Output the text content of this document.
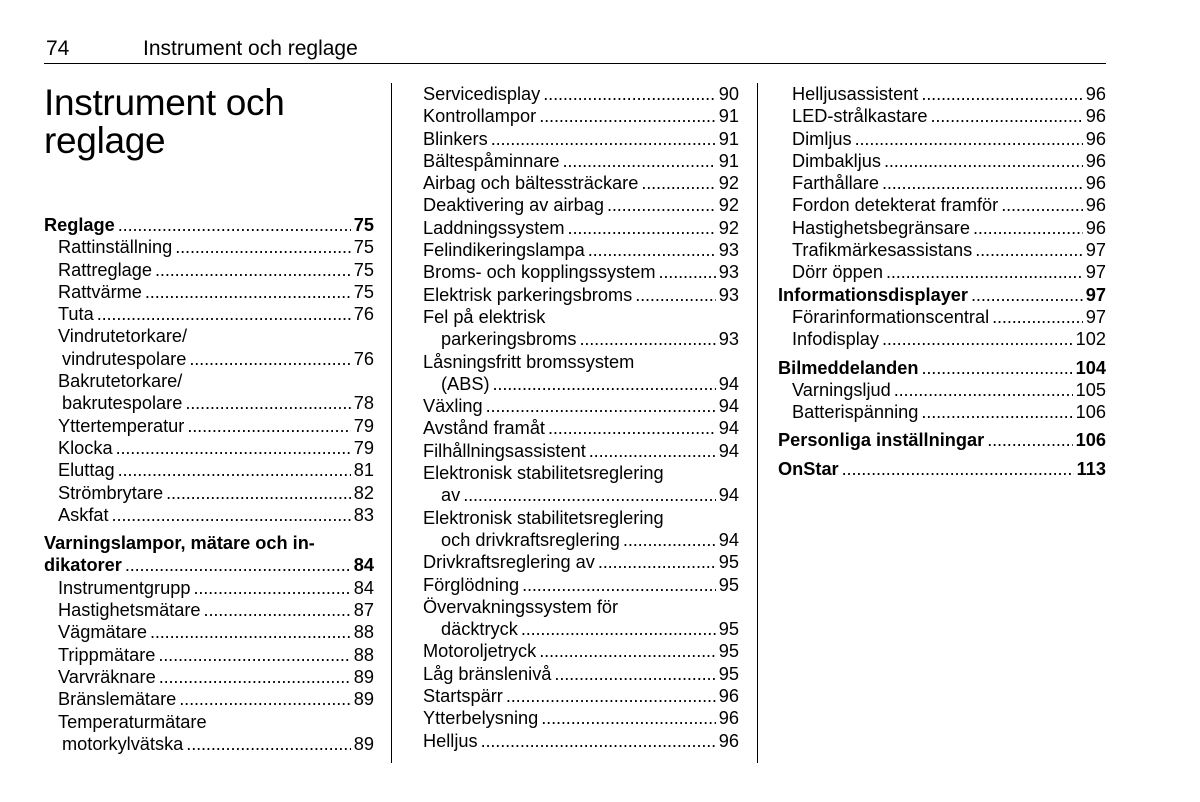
74	Instrument och reglage
Instrument och
reglage
Reglage . . .	75
Rattinställning . . .	75
Rattreglage . . .	75
Rattvärme . . .	75
Tuta . . .	76
Vindrutetorkare/
vindrutespolare . . .	76
Bakrutetorkare/
bakrutespolare . . .	78
Yttertemperatur . . .	79
Klocka . . .	79
Eluttag . . .	81
Strömbrytare . . .	82
Askfat . . .	83
Varningslampor, mätare och in-
dikatorer . . .	84
Instrumentgrupp . . .	84
Hastighetsmätare . . .	87
Vägmätare . . .	88
Trippmätare . . .	88
Varvräknare . . .	89
Bränslemätare . . .	89
Temperaturmätare
motorkylvätska . . .	89
Servicedisplay . . .	90
Kontrollampor . . .	91
Blinkers . . .	91
Bältespåminnare . . .	91
Airbag och bältessträckare . . .	92
Deaktivering av airbag . . .	92
Laddningssystem . . .	92
Felindikeringslampa . . .	93
Broms- och kopplingssystem . . .	93
Elektrisk parkeringsbroms . . .	93
Fel på elektrisk
parkeringsbroms . . .	93
Låsningsfritt bromssystem
(ABS) . . .	94
Växling . . .	94
Avstånd framåt . . .	94
Filhållningsassistent . . .	94
Elektronisk stabilitetsreglering
av . . .	94
Elektronisk stabilitetsreglering
och drivkraftsreglering . . .	94
Drivkraftsreglering av . . .	95
Förglödning . . .	95
Övervakningssystem för
däcktryck . . .	95
Motoroljetryck . . .	95
Låg bränslenivå . . .	95
Startspärr . . .	96
Ytterbelysning . . .	96
Helljus . . .	96
Helljusassistent . . .	96
LED-strålkastare . . .	96
Dimljus . . .	96
Dimbakljus . . .	96
Farthållare . . .	96
Fordon detekterat framför . . .	96
Hastighetsbegränsare . . .	96
Trafikmärkesassistans . . .	97
Dörr öppen . . .	97
Informationsdisplayer . . .	97
Förarinformationscentral . . .	97
Infodisplay . . .	102
Bilmeddelanden . . .	104
Varningsljud . . .	105
Batterispänning . . .	106
Personliga inställningar . . .	106
OnStar . . .	113
